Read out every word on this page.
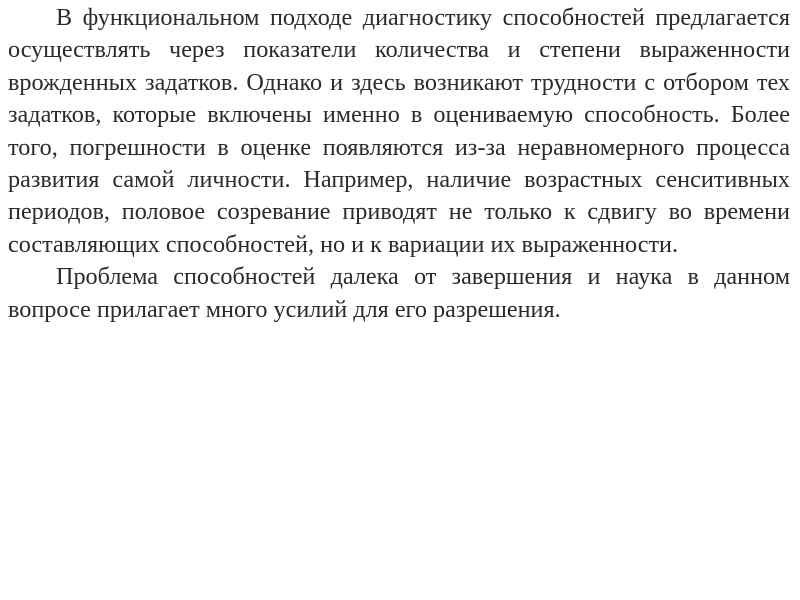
В функциональном подходе диагностику способностей предлагается осуществлять через показатели количества и степени выраженности врожденных задатков. Однако и здесь возникают трудности с отбором тех задатков, которые включены именно в оцениваемую способность. Более того, погрешности в оценке появляются из-за неравномерного процесса развития самой личности. Например, наличие возрастных сенситивных периодов, половое созревание приводят не только к сдвигу во времени составляющих способностей, но и к вариации их выраженности.

Проблема способностей далека от завершения и наука в данном вопросе прилагает много усилий для его разрешения.
